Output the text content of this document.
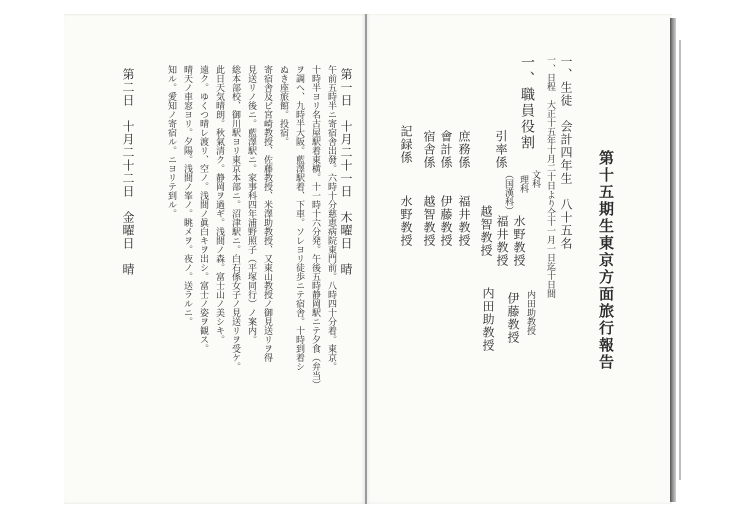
第十五期生東京方面旅行報告
一、生徒　会計四年生　八十五名
一、日程　大正十五年十月二十日より仝十一月一日迄十日間
一、職員役割
引率係
文科
理科
（国漢科）
水野教授
福井教授
越智教授
内田助教授
伊藤教授
内田助教授
庶務係
福井教授
會計係
伊藤教授
宿舎係
越智教授
記録係
水野教授
第一日　十月二十一日　木曜日　晴
午前五時半ニ寄宿舎出發。六時十分慈恵病院東門前。八時四十分着。東京。
十時半ヨリ名古屋駅着東横。十一時十六分発。午後五時静岡駅ニテ夕食（弁当）
ヲ調ヘ、九時半大阪。藍澤駅着、下車。ソレヨリ徒歩ニテ宿舎。十時到着シ
ぬき座旅館。投宿。
寄宿舎及ビ宮崎教授、佐藤教授、米澤助教授、又東山教授ノ御見送リヲ得
見送リノ後ニ。藍澤駅ニ。家事科四年浦野照子（平塚同行）ノ案内。
総本部校、御川駅ヨリ東京本部ニ。沼津駅ニ。白石係女子ノ見送リヲ受ケ。
此日天気晴朗。秋氣清ク。静岡ヲ過ギ。浅間ノ森。富士山ノ美シキ。
遠ク。ゆくつ晴レ渡リ、空ノ。浅間ノ眞白キヲ出シ。富士ノ姿ヲ観ス。
晴天ノ車窓ヨリ。夕陽。浅間ノ峯ノ。眺メヲ。夜ノ。送ラルニ。
知ル。愛知ノ寄宿ル。ニヨリテ到ル。
第二日　十月二十二日　金曜日　晴
